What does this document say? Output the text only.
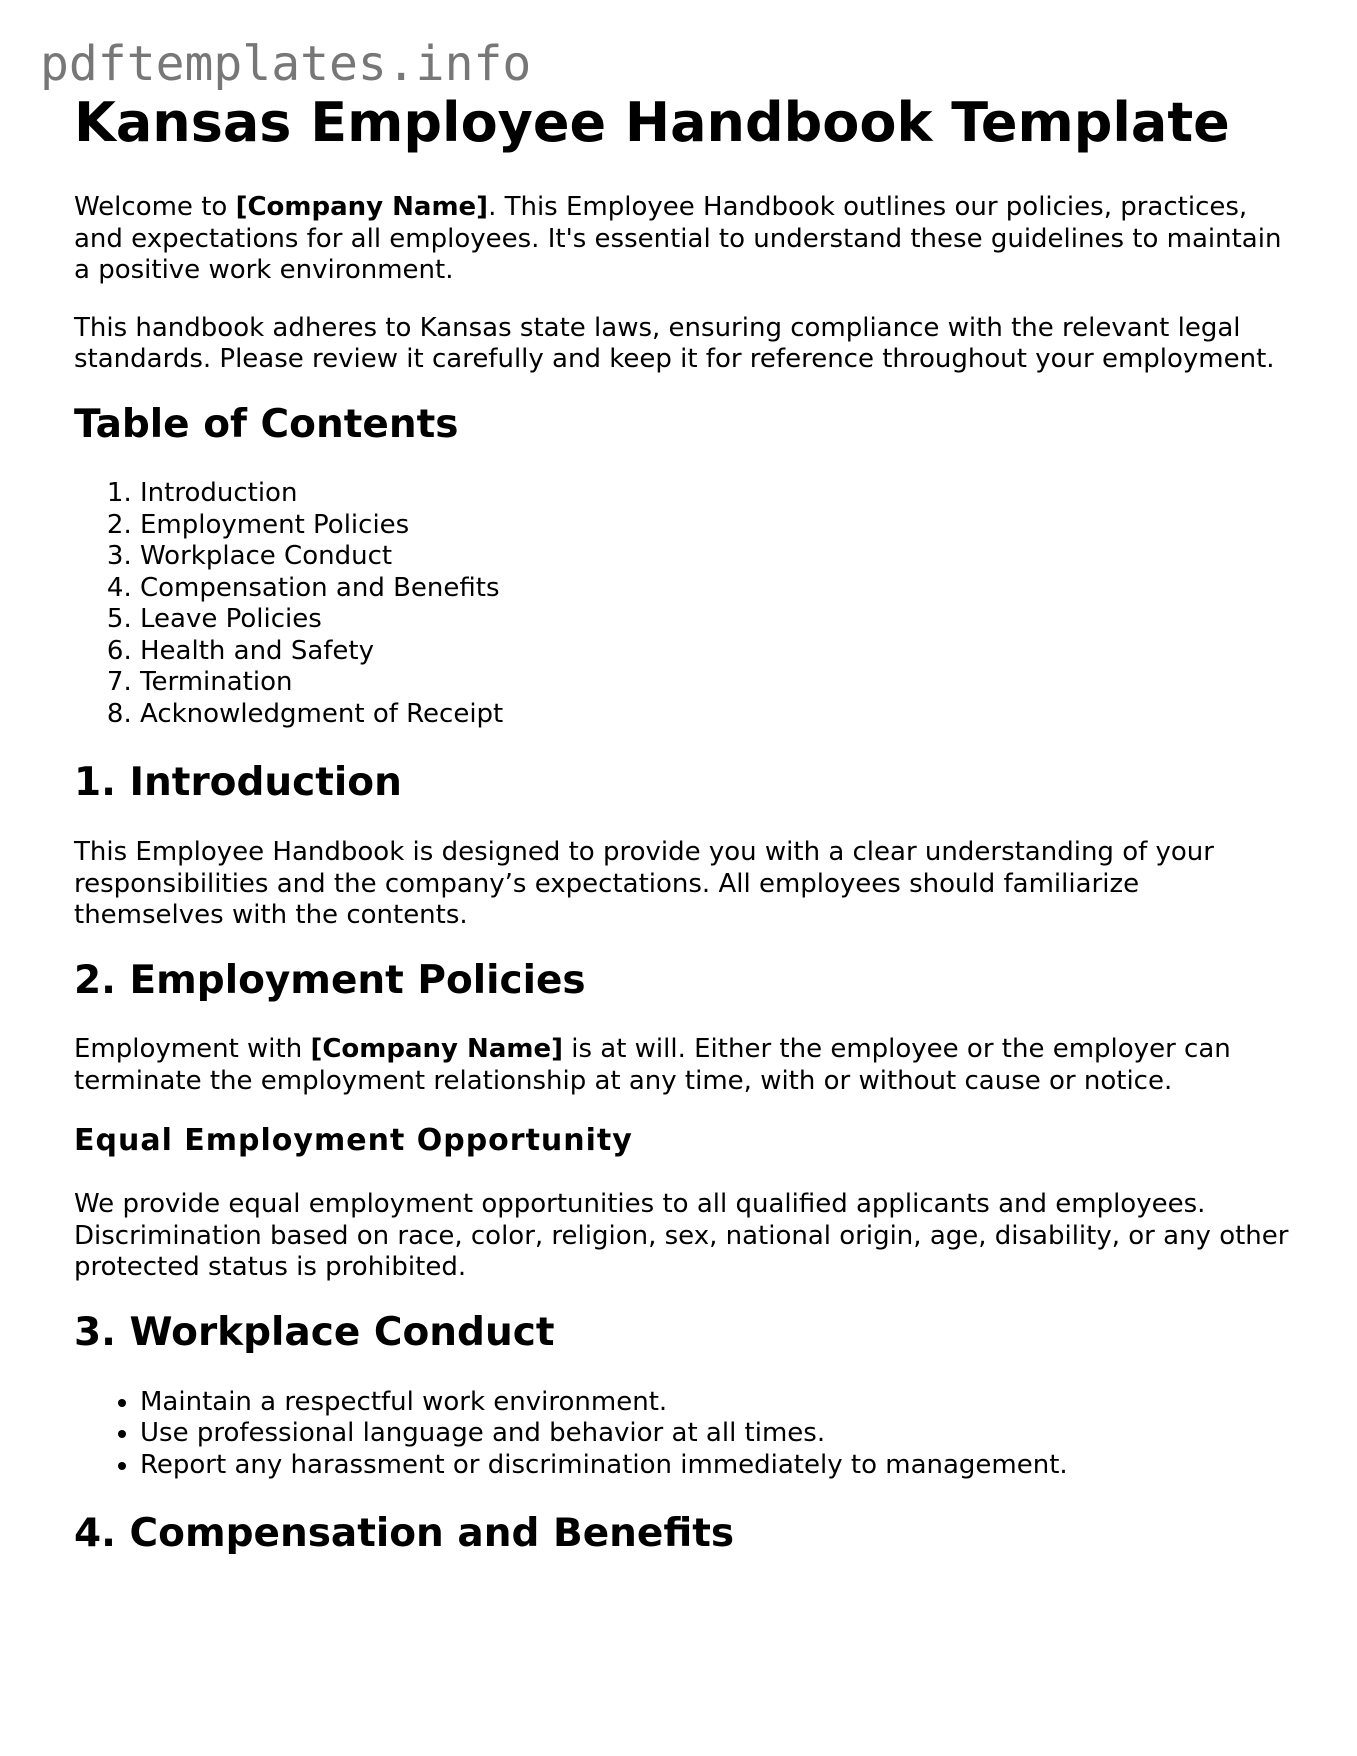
pdftemplates.info
Kansas Employee Handbook Template

Welcome to [Company Name]. This Employee Handbook outlines our policies, practices, and expectations for all employees. It's essential to understand these guidelines to maintain a positive work environment.

This handbook adheres to Kansas state laws, ensuring compliance with the relevant legal standards. Please review it carefully and keep it for reference throughout your employment.

Table of Contents
1. Introduction
2. Employment Policies
3. Workplace Conduct
4. Compensation and Benefits
5. Leave Policies
6. Health and Safety
7. Termination
8. Acknowledgment of Receipt
1. Introduction

This Employee Handbook is designed to provide you with a clear understanding of your responsibilities and the company’s expectations. All employees should familiarize themselves with the contents.

2. Employment Policies

Employment with [Company Name] is at will. Either the employee or the employer can terminate the employment relationship at any time, with or without cause or notice.

Equal Employment Opportunity

We provide equal employment opportunities to all qualified applicants and employees. Discrimination based on race, color, religion, sex, national origin, age, disability, or any other protected status is prohibited.

3. Workplace Conduct
• Maintain a respectful work environment.
• Use professional language and behavior at all times.
• Report any harassment or discrimination immediately to management.
4. Compensation and Benefits
